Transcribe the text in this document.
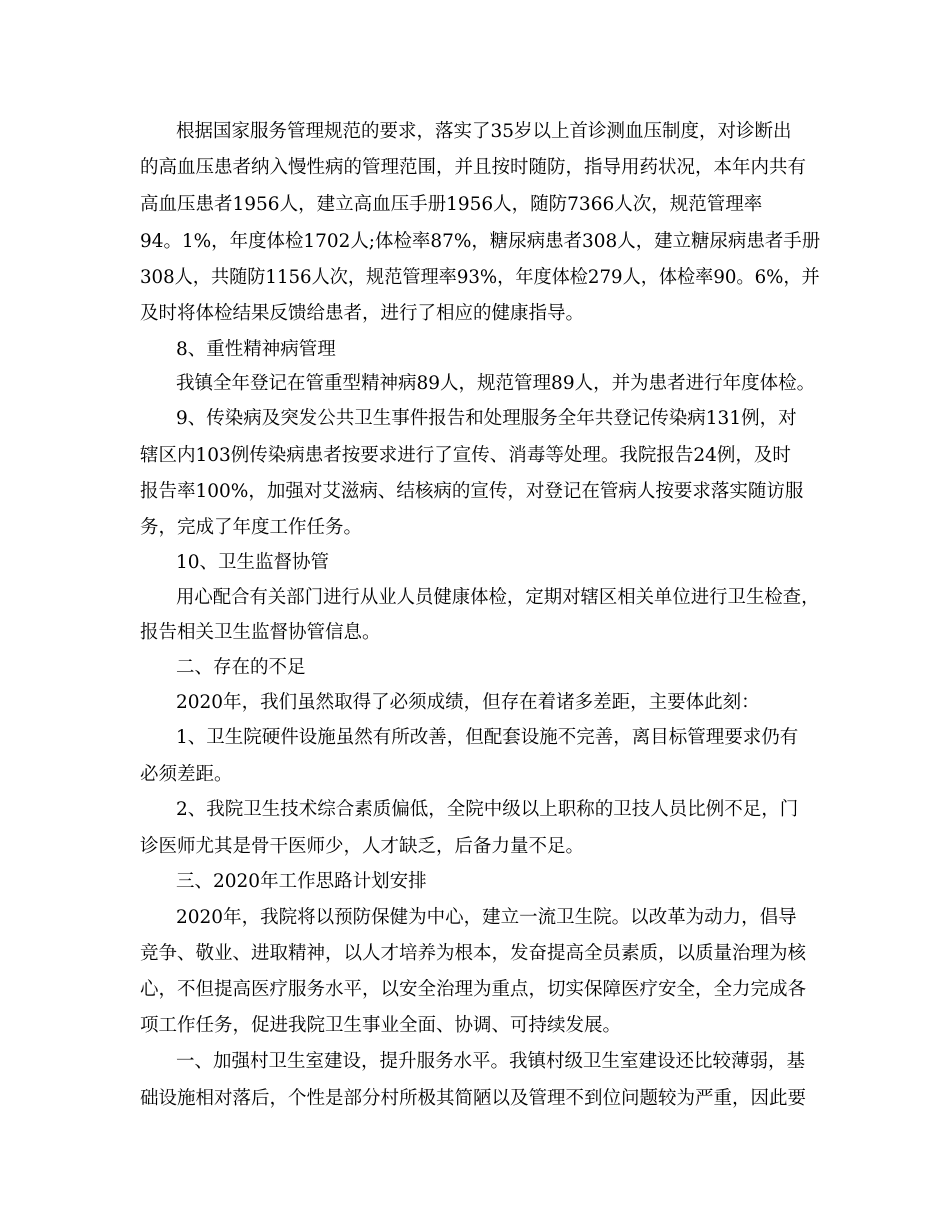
根据国家服务管理规范的要求，落实了35岁以上首诊测血压制度，对诊断出
的高血压患者纳入慢性病的管理范围，并且按时随防，指导用药状况，本年内共有
高血压患者1956人，建立高血压手册1956人，随防7366人次，规范管理率
94。1%，年度体检1702人;体检率87%，糖尿病患者308人，建立糖尿病患者手册
308人，共随防1156人次，规范管理率93%，年度体检279人，体检率90。6%，并
及时将体检结果反馈给患者，进行了相应的健康指导。
8、重性精神病管理
我镇全年登记在管重型精神病89人，规范管理89人，并为患者进行年度体检。
9、传染病及突发公共卫生事件报告和处理服务全年共登记传染病131例，对
辖区内103例传染病患者按要求进行了宣传、消毒等处理。我院报告24例，及时
报告率100%，加强对艾滋病、结核病的宣传，对登记在管病人按要求落实随访服
务，完成了年度工作任务。
10、卫生监督协管
用心配合有关部门进行从业人员健康体检，定期对辖区相关单位进行卫生检查，
报告相关卫生监督协管信息。
二、存在的不足
2020年，我们虽然取得了必须成绩，但存在着诸多差距，主要体此刻：
1、卫生院硬件设施虽然有所改善，但配套设施不完善，离目标管理要求仍有
必须差距。
2、我院卫生技术综合素质偏低，全院中级以上职称的卫技人员比例不足，门
诊医师尤其是骨干医师少，人才缺乏，后备力量不足。
三、2020年工作思路计划安排
2020年，我院将以预防保健为中心，建立一流卫生院。以改革为动力，倡导
竞争、敬业、进取精神，以人才培养为根本，发奋提高全员素质，以质量治理为核
心，不但提高医疗服务水平，以安全治理为重点，切实保障医疗安全，全力完成各
项工作任务，促进我院卫生事业全面、协调、可持续发展。
一、加强村卫生室建设，提升服务水平。我镇村级卫生室建设还比较薄弱，基
础设施相对落后，个性是部分村所极其简陋以及管理不到位问题较为严重，因此要
